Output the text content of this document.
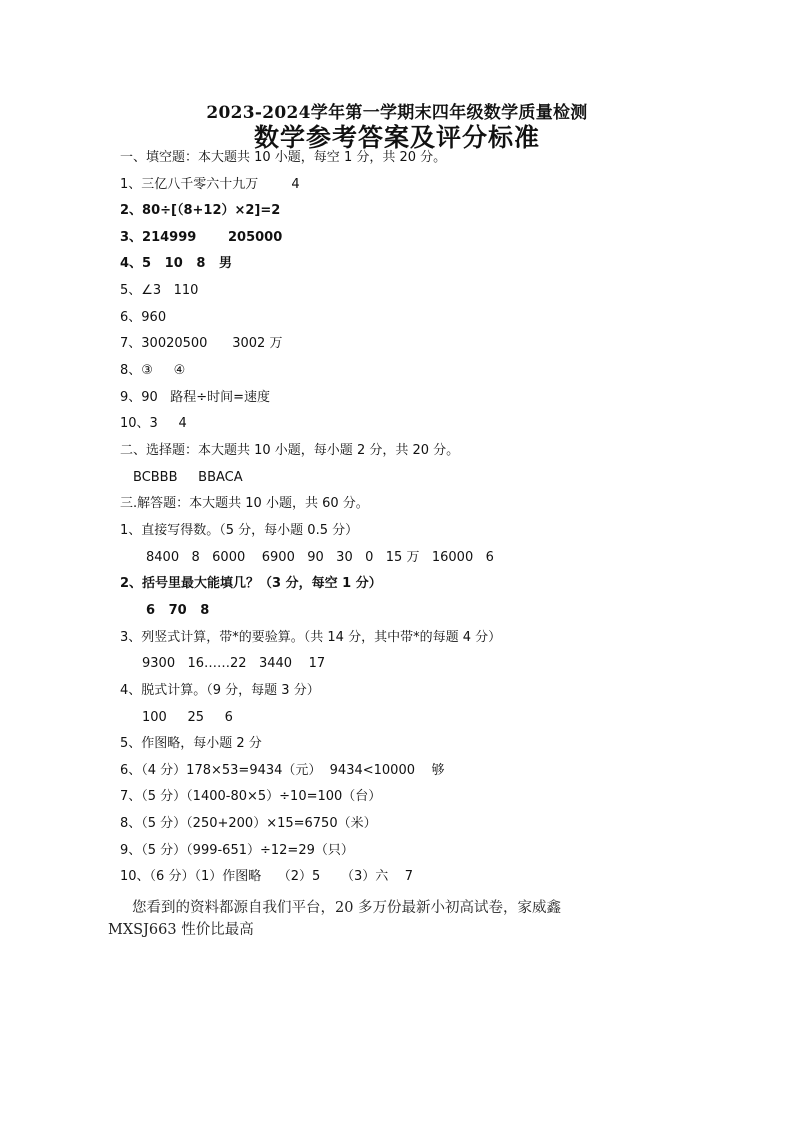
2023-2024学年第一学期末四年级数学质量检测
数学参考答案及评分标准
一、填空题：本大题共 10 小题，每空 1 分，共 20 分。
1、三亿八千零六十九万        4
2、80÷[（8+12）×2]=2
3、214999       205000
4、5   10   8   男
5、∠3   110
6、960
7、30020500      3002 万
8、③     ④
9、90   路程÷时间=速度
10、3     4
二、选择题：本大题共 10 小题，每小题 2 分，共 20 分。
BCBBB     BBACA
三.解答题：本大题共 10 小题，共 60 分。
1、直接写得数。（5 分，每小题 0.5 分）
8400   8   6000    6900   90   30   0   15 万   16000   6
2、括号里最大能填几？（3 分，每空 1 分）
6   70   8
3、列竖式计算，带*的要验算。（共 14 分，其中带*的每题 4 分）
9300   16……22   3440    17
4、脱式计算。（9 分，每题 3 分）
100     25     6
5、作图略，每小题 2 分
6、（4 分）178×53=9434（元）  9434<10000    够
7、（5 分）（1400-80×5）÷10=100（台）
8、（5 分）（250+200）×15=6750（米）
9、（5 分）（999-651）÷12=29（只）
10、（6 分）（1）作图略    （2）5     （3）六    7
您看到的资料都源自我们平台，20 多万份最新小初高试卷，家威鑫
MXSJ663 性价比最高
